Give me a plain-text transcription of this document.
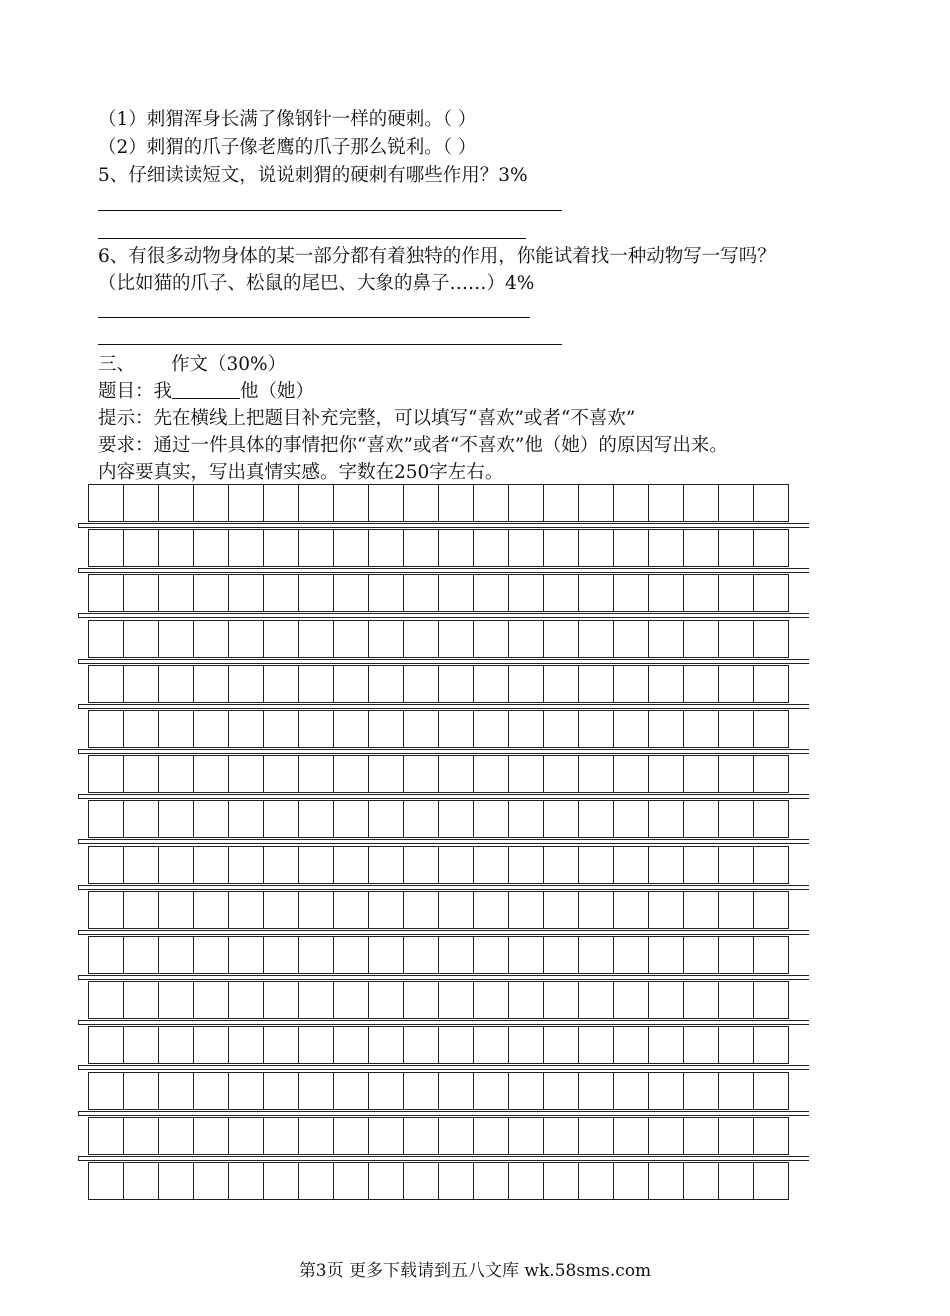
（1）刺猬浑身长满了像钢针一样的硬刺。（ ）
（2）刺猬的爪子像老鹰的爪子那么锐利。（ ）
5、仔细读读短文，说说刺猬的硬刺有哪些作用？3%
6、有很多动物身体的某一部分都有着独特的作用，你能试着找一种动物写一写吗？
（比如猫的爪子、松鼠的尾巴、大象的鼻子……）4%
三、 作文（30%）
题目：我	他（她）
提示：先在横线上把题目补充完整，可以填写“喜欢”或者“不喜欢”
要求：通过一件具体的事情把你“喜欢”或者“不喜欢”他（她）的原因写出来。
内容要真实，写出真情实感。字数在250字左右。
第3页 更多下载请到五八文库 wk.58sms.com
